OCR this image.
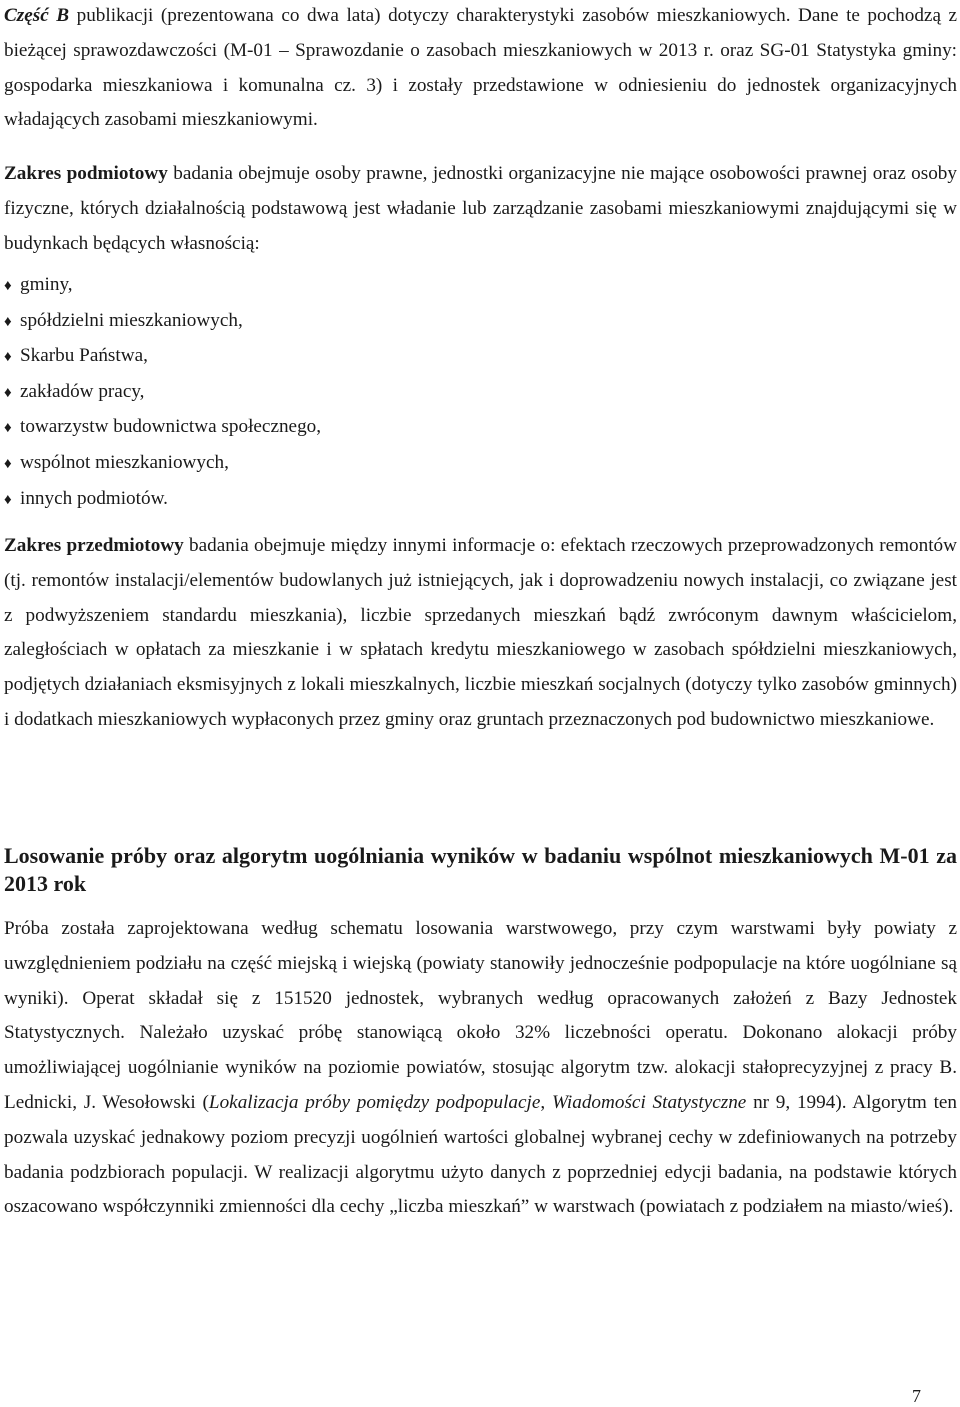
Część B publikacji (prezentowana co dwa lata) dotyczy charakterystyki zasobów mieszkaniowych. Dane te pochodzą z bieżącej sprawozdawczości (M-01 – Sprawozdanie o zasobach mieszkaniowych w 2013 r. oraz SG-01 Statystyka gminy: gospodarka mieszkaniowa i komunalna cz. 3) i zostały przedstawione w odniesieniu do jednostek organizacyjnych władających zasobami mieszkaniowymi.

Zakres podmiotowy badania obejmuje osoby prawne, jednostki organizacyjne nie mające osobowości prawnej oraz osoby fizyczne, których działalnością podstawową jest władanie lub zarządzanie zasobami mieszkaniowymi znajdującymi się w budynkach będących własnością:

♦ gminy,
♦ spółdzielni mieszkaniowych,
♦ Skarbu Państwa,
♦ zakładów pracy,
♦ towarzystw budownictwa społecznego,
♦ wspólnot mieszkaniowych,
♦ innych podmiotów.

Zakres przedmiotowy badania obejmuje między innymi informacje o: efektach rzeczowych przeprowadzonych remontów (tj. remontów instalacji/elementów budowlanych już istniejących, jak i doprowadzeniu nowych instalacji, co związane jest z podwyższeniem standardu mieszkania), liczbie sprzedanych mieszkań bądź zwróconym dawnym właścicielom, zaległościach w opłatach za mieszkanie i w spłatach kredytu mieszkaniowego w zasobach spółdzielni mieszkaniowych, podjętych działaniach eksmisyjnych z lokali mieszkalnych, liczbie mieszkań socjalnych (dotyczy tylko zasobów gminnych) i dodatkach mieszkaniowych wypłaconych przez gminy oraz gruntach przeznaczonych pod budownictwo mieszkaniowe.

Losowanie próby oraz algorytm uogólniania wyników w badaniu wspólnot mieszkaniowych M-01 za 2013 rok

Próba została zaprojektowana według schematu losowania warstwowego, przy czym warstwami były powiaty z uwzględnieniem podziału na część miejską i wiejską (powiaty stanowiły jednocześnie podpopulacje na które uogólniane są wyniki). Operat składał się z 151520 jednostek, wybranych według opracowanych założeń z Bazy Jednostek Statystycznych. Należało uzyskać próbę stanowiącą około 32% liczebności operatu. Dokonano alokacji próby umożliwiającej uogólnianie wyników na poziomie powiatów, stosując algorytm tzw. alokacji stałoprecyzyjnej z pracy B. Lednicki, J. Wesołowski (Lokalizacja próby pomiędzy podpopulacje, Wiadomości Statystyczne nr 9, 1994). Algorytm ten pozwala uzyskać jednakowy poziom precyzji uogólnień wartości globalnej wybranej cechy w zdefiniowanych na potrzeby badania podzbiorach populacji. W realizacji algorytmu użyto danych z poprzedniej edycji badania, na podstawie których oszacowano współczynniki zmienności dla cechy „liczba mieszkań” w warstwach (powiatach z podziałem na miasto/wieś).

7
